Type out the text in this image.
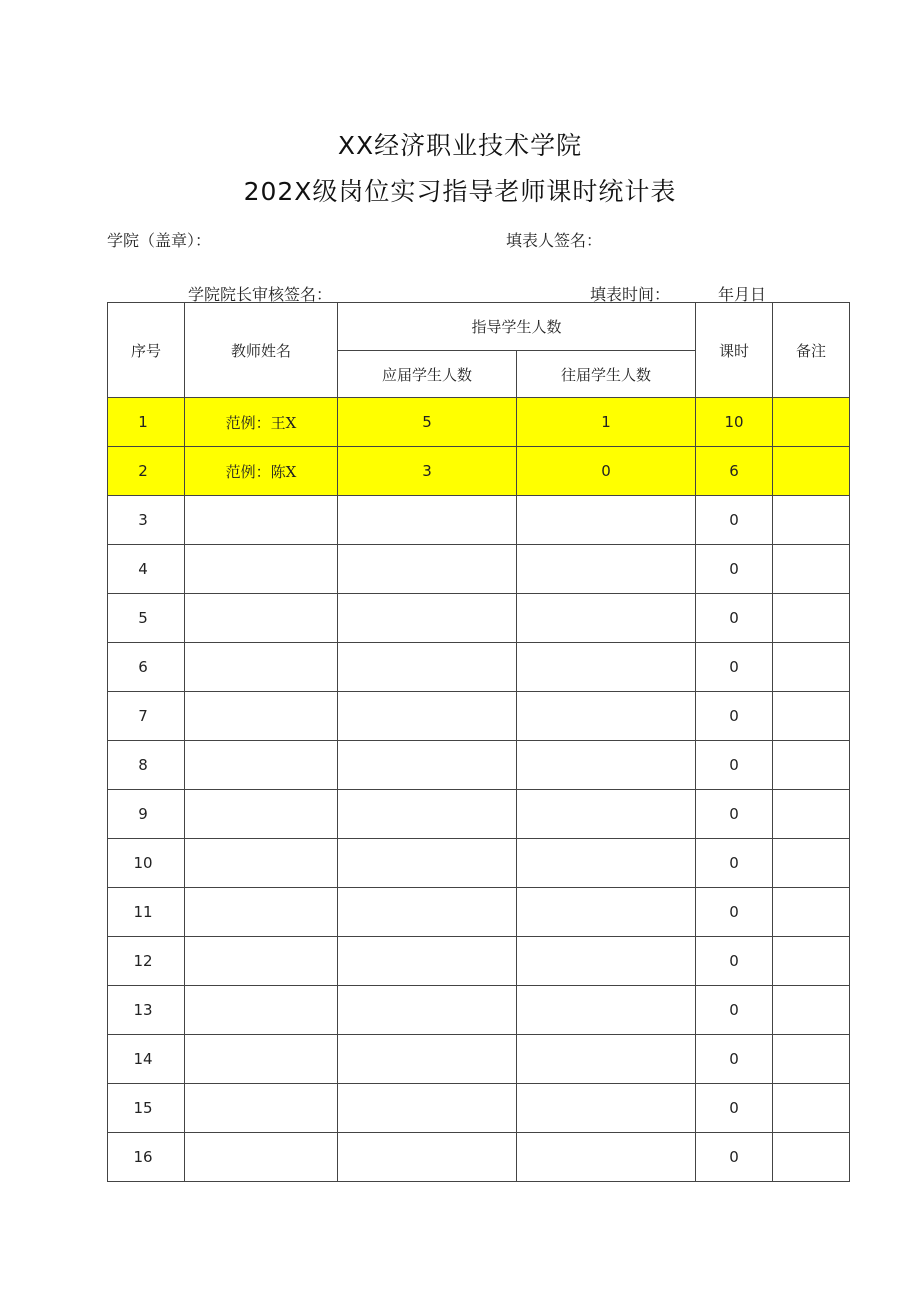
XX经济职业技术学院
202X级岗位实习指导老师课时统计表
学院（盖章）：	填表人签名：
学院院长审核签名：	填表时间：	年月日
序号	教师姓名	指导学生人数		课时	备注
		应届学生人数	往届学生人数		
1	范例：王X	5	1	10	
2	范例：陈X	3	0	6	
3				0	
4				0	
5				0	
6				0	
7				0	
8				0	
9				0	
10				0	
11				0	
12				0	
13				0	
14				0	
15				0	
16				0	
